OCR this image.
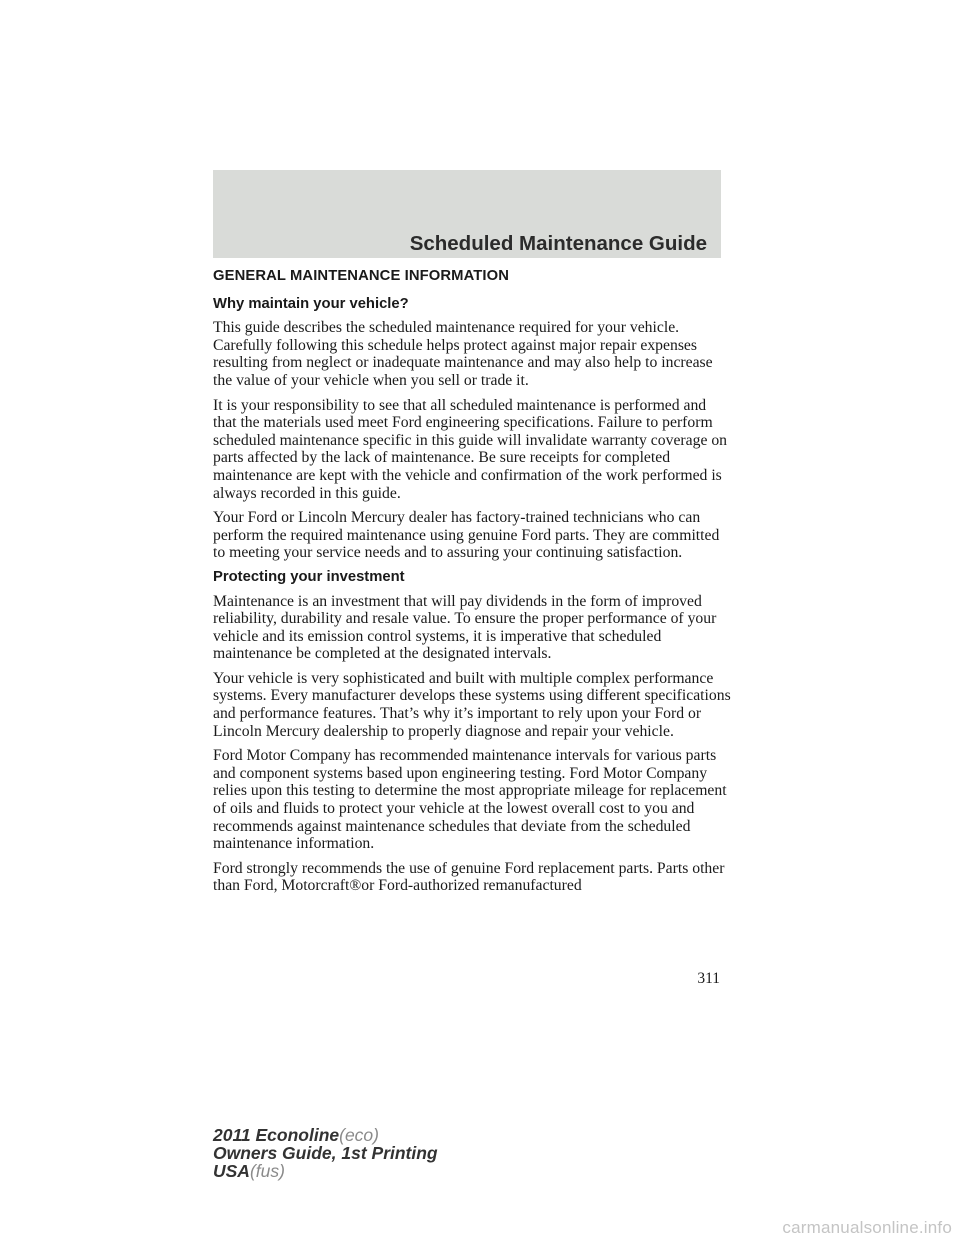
Scheduled Maintenance Guide
GENERAL MAINTENANCE INFORMATION
Why maintain your vehicle?

This guide describes the scheduled maintenance required for your vehicle. Carefully following this schedule helps protect against major repair expenses resulting from neglect or inadequate maintenance and may also help to increase the value of your vehicle when you sell or trade it.

It is your responsibility to see that all scheduled maintenance is performed and that the materials used meet Ford engineering specifications. Failure to perform scheduled maintenance specific in this guide will invalidate warranty coverage on parts affected by the lack of maintenance. Be sure receipts for completed maintenance are kept with the vehicle and confirmation of the work performed is always recorded in this guide.

Your Ford or Lincoln Mercury dealer has factory-trained technicians who can perform the required maintenance using genuine Ford parts. They are committed to meeting your service needs and to assuring your continuing satisfaction.

Protecting your investment

Maintenance is an investment that will pay dividends in the form of improved reliability, durability and resale value. To ensure the proper performance of your vehicle and its emission control systems, it is imperative that scheduled maintenance be completed at the designated intervals.

Your vehicle is very sophisticated and built with multiple complex performance systems. Every manufacturer develops these systems using different specifications and performance features. That’s why it’s important to rely upon your Ford or Lincoln Mercury dealership to properly diagnose and repair your vehicle.

Ford Motor Company has recommended maintenance intervals for various parts and component systems based upon engineering testing. Ford Motor Company relies upon this testing to determine the most appropriate mileage for replacement of oils and fluids to protect your vehicle at the lowest overall cost to you and recommends against maintenance schedules that deviate from the scheduled maintenance information.

Ford strongly recommends the use of genuine Ford replacement parts. Parts other than Ford, Motorcraft®or Ford-authorized remanufactured

311
2011 Econoline(eco)
Owners Guide, 1st Printing
USA(fus)
carmanualsonline.info
